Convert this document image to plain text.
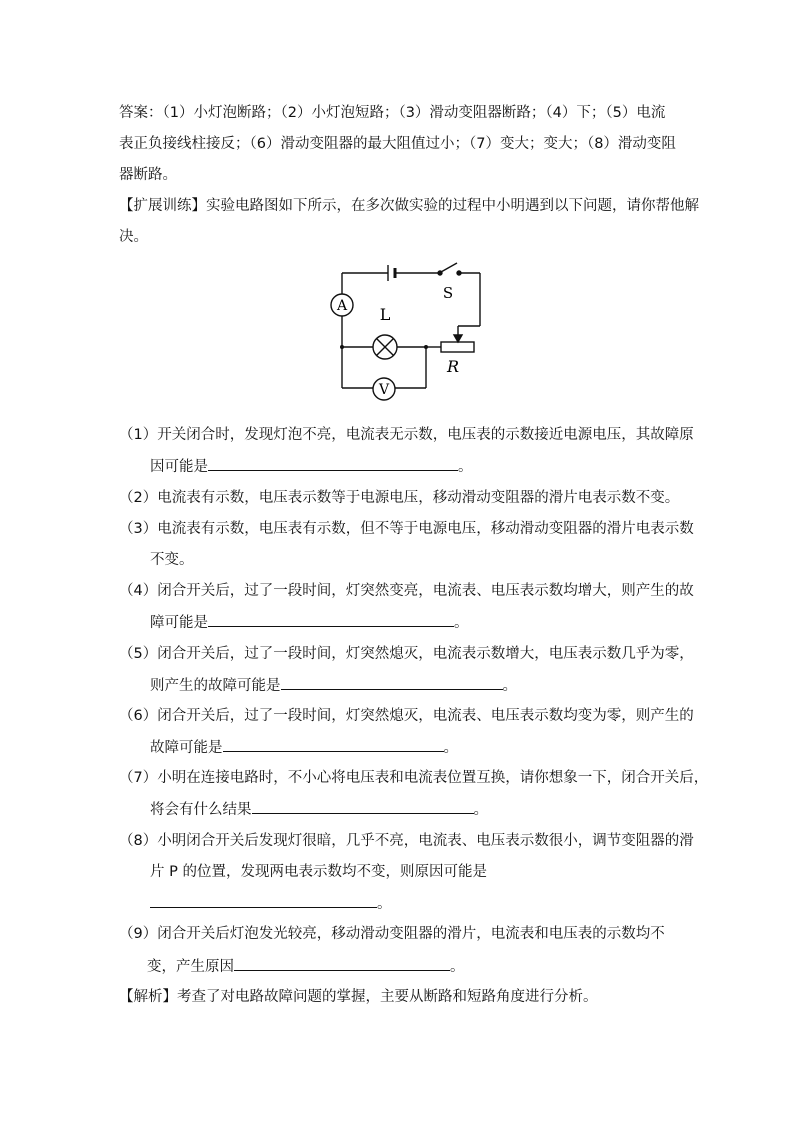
答案：（1）小灯泡断路；（2）小灯泡短路；（3）滑动变阻器断路；（4）下；（5）电流
表正负接线柱接反；（6）滑动变阻器的最大阻值过小；（7）变大；变大；（8）滑动变阻
器断路。
【扩展训练】实验电路图如下所示，在多次做实验的过程中小明遇到以下问题，请你帮他解
决。
A
V
L
S
R
（1）开关闭合时，发现灯泡不亮，电流表无示数，电压表的示数接近电源电压，其故障原
因可能是	。
（2）电流表有示数，电压表示数等于电源电压，移动滑动变阻器的滑片电表示数不变。
（3）电流表有示数，电压表有示数，但不等于电源电压，移动滑动变阻器的滑片电表示数
不变。
（4）闭合开关后，过了一段时间，灯突然变亮，电流表、电压表示数均增大，则产生的故
障可能是	。
（5）闭合开关后，过了一段时间，灯突然熄灭，电流表示数增大，电压表示数几乎为零，
则产生的故障可能是	。
（6）闭合开关后，过了一段时间，灯突然熄灭，电流表、电压表示数均变为零，则产生的
故障可能是	。
（7）小明在连接电路时，不小心将电压表和电流表位置互换，请你想象一下，闭合开关后，
将会有什么结果	。
（8）小明闭合开关后发现灯很暗，几乎不亮，电流表、电压表示数很小，调节变阻器的滑
片 P 的位置，发现两电表示数均不变，则原因可能是
。
（9）闭合开关后灯泡发光较亮，移动滑动变阻器的滑片，电流表和电压表的示数均不
变，产生原因	。
【解析】考查了对电路故障问题的掌握，主要从断路和短路角度进行分析。
